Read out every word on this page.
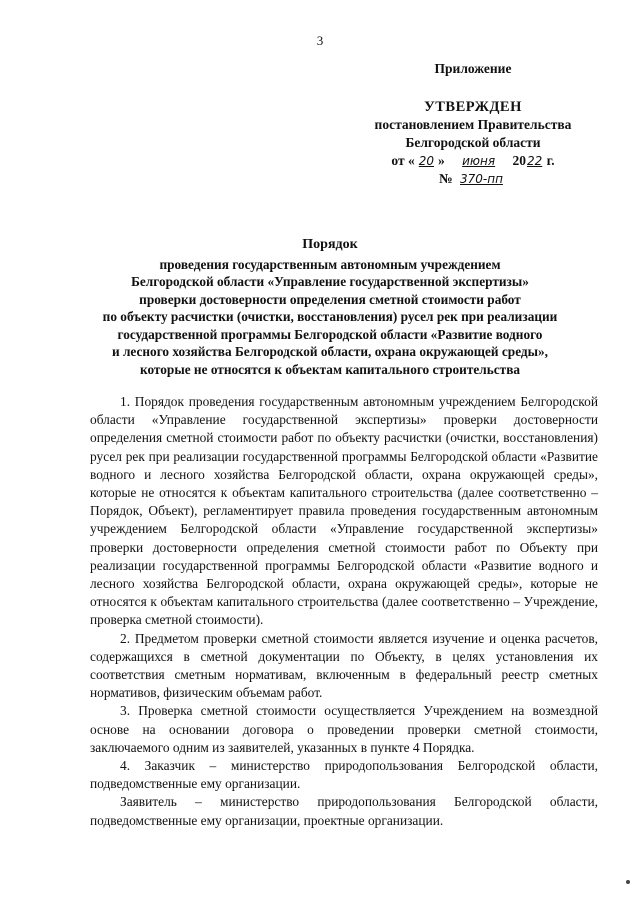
3
Приложение
УТВЕРЖДЕН
постановлением Правительства
Белгородской области
от « 20 » июня 2022 г.
№ 370-пп
Порядок
проведения государственным автономным учреждением
Белгородской области «Управление государственной экспертизы»
проверки достоверности определения сметной стоимости работ
по объекту расчистки (очистки, восстановления) русел рек при реализации
государственной программы Белгородской области «Развитие водного
и лесного хозяйства Белгородской области, охрана окружающей среды»,
которые не относятся к объектам капитального строительства

1. Порядок проведения государственным автономным учреждением Белгородской области «Управление государственной экспертизы» проверки достоверности определения сметной стоимости работ по объекту расчистки (очистки, восстановления) русел рек при реализации государственной программы Белгородской области «Развитие водного и лесного хозяйства Белгородской области, охрана окружающей среды», которые не относятся к объектам капитального строительства (далее соответственно – Порядок, Объект), регламентирует правила проведения государственным автономным учреждением Белгородской области «Управление государственной экспертизы» проверки достоверности определения сметной стоимости работ по Объекту при реализации государственной программы Белгородской области «Развитие водного и лесного хозяйства Белгородской области, охрана окружающей среды», которые не относятся к объектам капитального строительства (далее соответственно – Учреждение, проверка сметной стоимости).

2. Предметом проверки сметной стоимости является изучение и оценка расчетов, содержащихся в сметной документации по Объекту, в целях установления их соответствия сметным нормативам, включенным в федеральный реестр сметных нормативов, физическим объемам работ.

3. Проверка сметной стоимости осуществляется Учреждением на возмездной основе на основании договора о проведении проверки сметной стоимости, заключаемого одним из заявителей, указанных в пункте 4 Порядка.

4. Заказчик – министерство природопользования Белгородской области, подведомственные ему организации.

Заявитель – министерство природопользования Белгородской области, подведомственные ему организации, проектные организации.
